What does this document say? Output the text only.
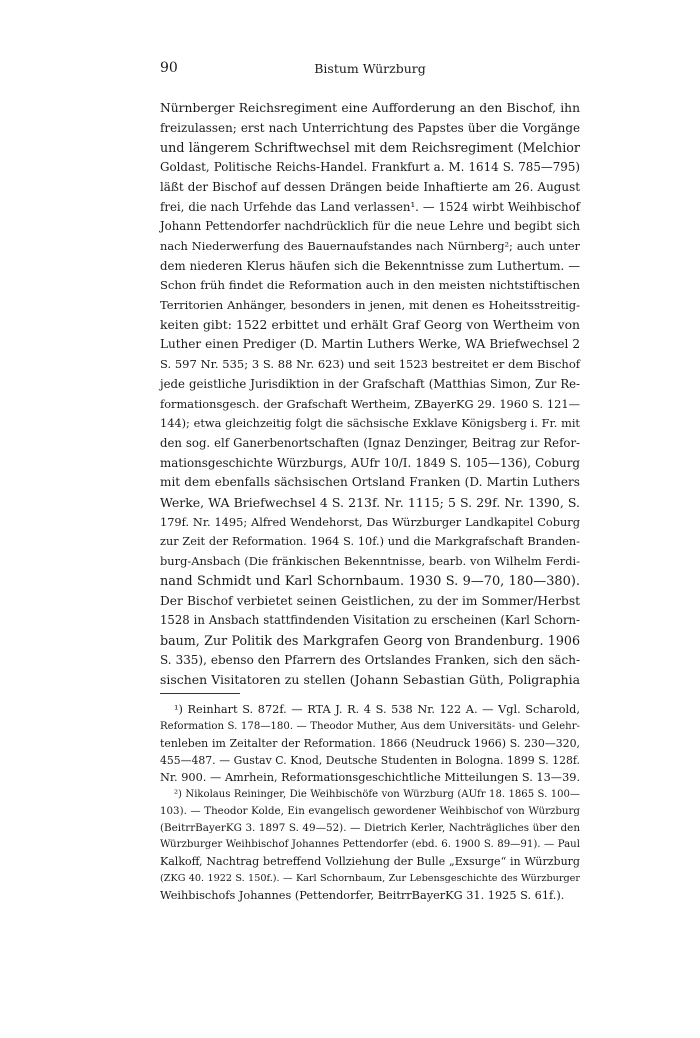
90	Bistum Würzburg
Nürnberger Reichsregiment eine Aufforderung an den Bischof, ihn
freizulassen; erst nach Unterrichtung des Papstes über die Vorgänge
und längerem Schriftwechsel mit dem Reichsregiment (Melchior
Goldast, Politische Reichs-Handel. Frankfurt a. M. 1614 S. 785—795)
läßt der Bischof auf dessen Drängen beide Inhaftierte am 26. August
frei, die nach Urfehde das Land verlassen¹. — 1524 wirbt Weihbischof
Johann Pettendorfer nachdrücklich für die neue Lehre und begibt sich
nach Niederwerfung des Bauernaufstandes nach Nürnberg²; auch unter
dem niederen Klerus häufen sich die Bekenntnisse zum Luthertum. —
Schon früh findet die Reformation auch in den meisten nichtstiftischen
Territorien Anhänger, besonders in jenen, mit denen es Hoheitsstreitig-
keiten gibt: 1522 erbittet und erhält Graf Georg von Wertheim von
Luther einen Prediger (D. Martin Luthers Werke, WA Briefwechsel 2
S. 597 Nr. 535; 3 S. 88 Nr. 623) und seit 1523 bestreitet er dem Bischof
jede geistliche Jurisdiktion in der Grafschaft (Matthias Simon, Zur Re-
formationsgesch. der Grafschaft Wertheim, ZBayerKG 29. 1960 S. 121—
144); etwa gleichzeitig folgt die sächsische Exklave Königsberg i. Fr. mit
den sog. elf Ganerbenortschaften (Ignaz Denzinger, Beitrag zur Refor-
mationsgeschichte Würzburgs, AUfr 10/I. 1849 S. 105—136), Coburg
mit dem ebenfalls sächsischen Ortsland Franken (D. Martin Luthers
Werke, WA Briefwechsel 4 S. 213f. Nr. 1115; 5 S. 29f. Nr. 1390, S.
179f. Nr. 1495; Alfred Wendehorst, Das Würzburger Landkapitel Coburg
zur Zeit der Reformation. 1964 S. 10f.) und die Markgrafschaft Branden-
burg-Ansbach (Die fränkischen Bekenntnisse, bearb. von Wilhelm Ferdi-
nand Schmidt und Karl Schornbaum. 1930 S. 9—70, 180—380).
Der Bischof verbietet seinen Geistlichen, zu der im Sommer/Herbst
1528 in Ansbach stattfindenden Visitation zu erscheinen (Karl Schorn-
baum, Zur Politik des Markgrafen Georg von Brandenburg. 1906
S. 335), ebenso den Pfarrern des Ortslandes Franken, sich den säch-
sischen Visitatoren zu stellen (Johann Sebastian Güth, Poligraphia
¹) Reinhart S. 872f. — RTA J. R. 4 S. 538 Nr. 122 A. — Vgl. Scharold,
Reformation S. 178—180. — Theodor Muther, Aus dem Universitäts- und Gelehr-
tenleben im Zeitalter der Reformation. 1866 (Neudruck 1966) S. 230—320,
455—487. — Gustav C. Knod, Deutsche Studenten in Bologna. 1899 S. 128f.
Nr. 900. — Amrhein, Reformationsgeschichtliche Mitteilungen S. 13—39.
²) Nikolaus Reininger, Die Weihbischöfe von Würzburg (AUfr 18. 1865 S. 100—
103). — Theodor Kolde, Ein evangelisch gewordener Weihbischof von Würzburg
(BeitrrBayerKG 3. 1897 S. 49—52). — Dietrich Kerler, Nachträgliches über den
Würzburger Weihbischof Johannes Pettendorfer (ebd. 6. 1900 S. 89—91). — Paul
Kalkoff, Nachtrag betreffend Vollziehung der Bulle „Exsurge“ in Würzburg
(ZKG 40. 1922 S. 150f.). — Karl Schornbaum, Zur Lebensgeschichte des Würzburger
Weihbischofs Johannes (Pettendorfer, BeitrrBayerKG 31. 1925 S. 61f.).
